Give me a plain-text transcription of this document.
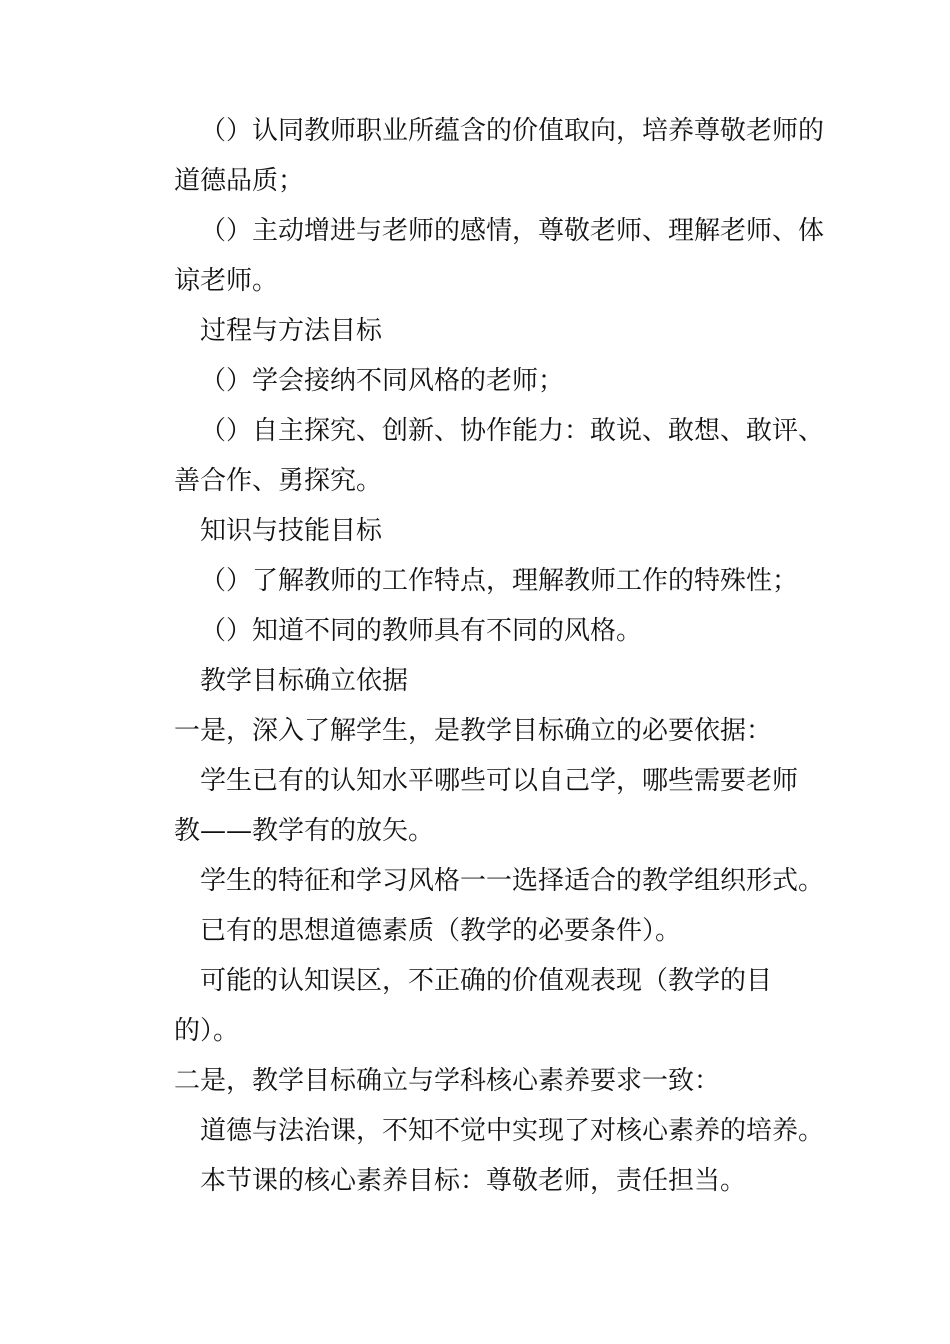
（）认同教师职业所蕴含的价值取向，培养尊敬老师的
道德品质；
（）主动增进与老师的感情，尊敬老师、理解老师、体
谅老师。
过程与方法目标
（）学会接纳不同风格的老师；
（）自主探究、创新、协作能力：敢说、敢想、敢评、
善合作、勇探究。
知识与技能目标
（）了解教师的工作特点，理解教师工作的特殊性；
（）知道不同的教师具有不同的风格。
教学目标确立依据
一是，深入了解学生，是教学目标确立的必要依据：
学生已有的认知水平哪些可以自己学，哪些需要老师
教——教学有的放矢。
学生的特征和学习风格一一选择适合的教学组织形式。
已有的思想道德素质（教学的必要条件）。
可能的认知误区，不正确的价值观表现（教学的目
的）。
二是，教学目标确立与学科核心素养要求一致：
道德与法治课，不知不觉中实现了对核心素养的培养。
本节课的核心素养目标：尊敬老师，责任担当。
